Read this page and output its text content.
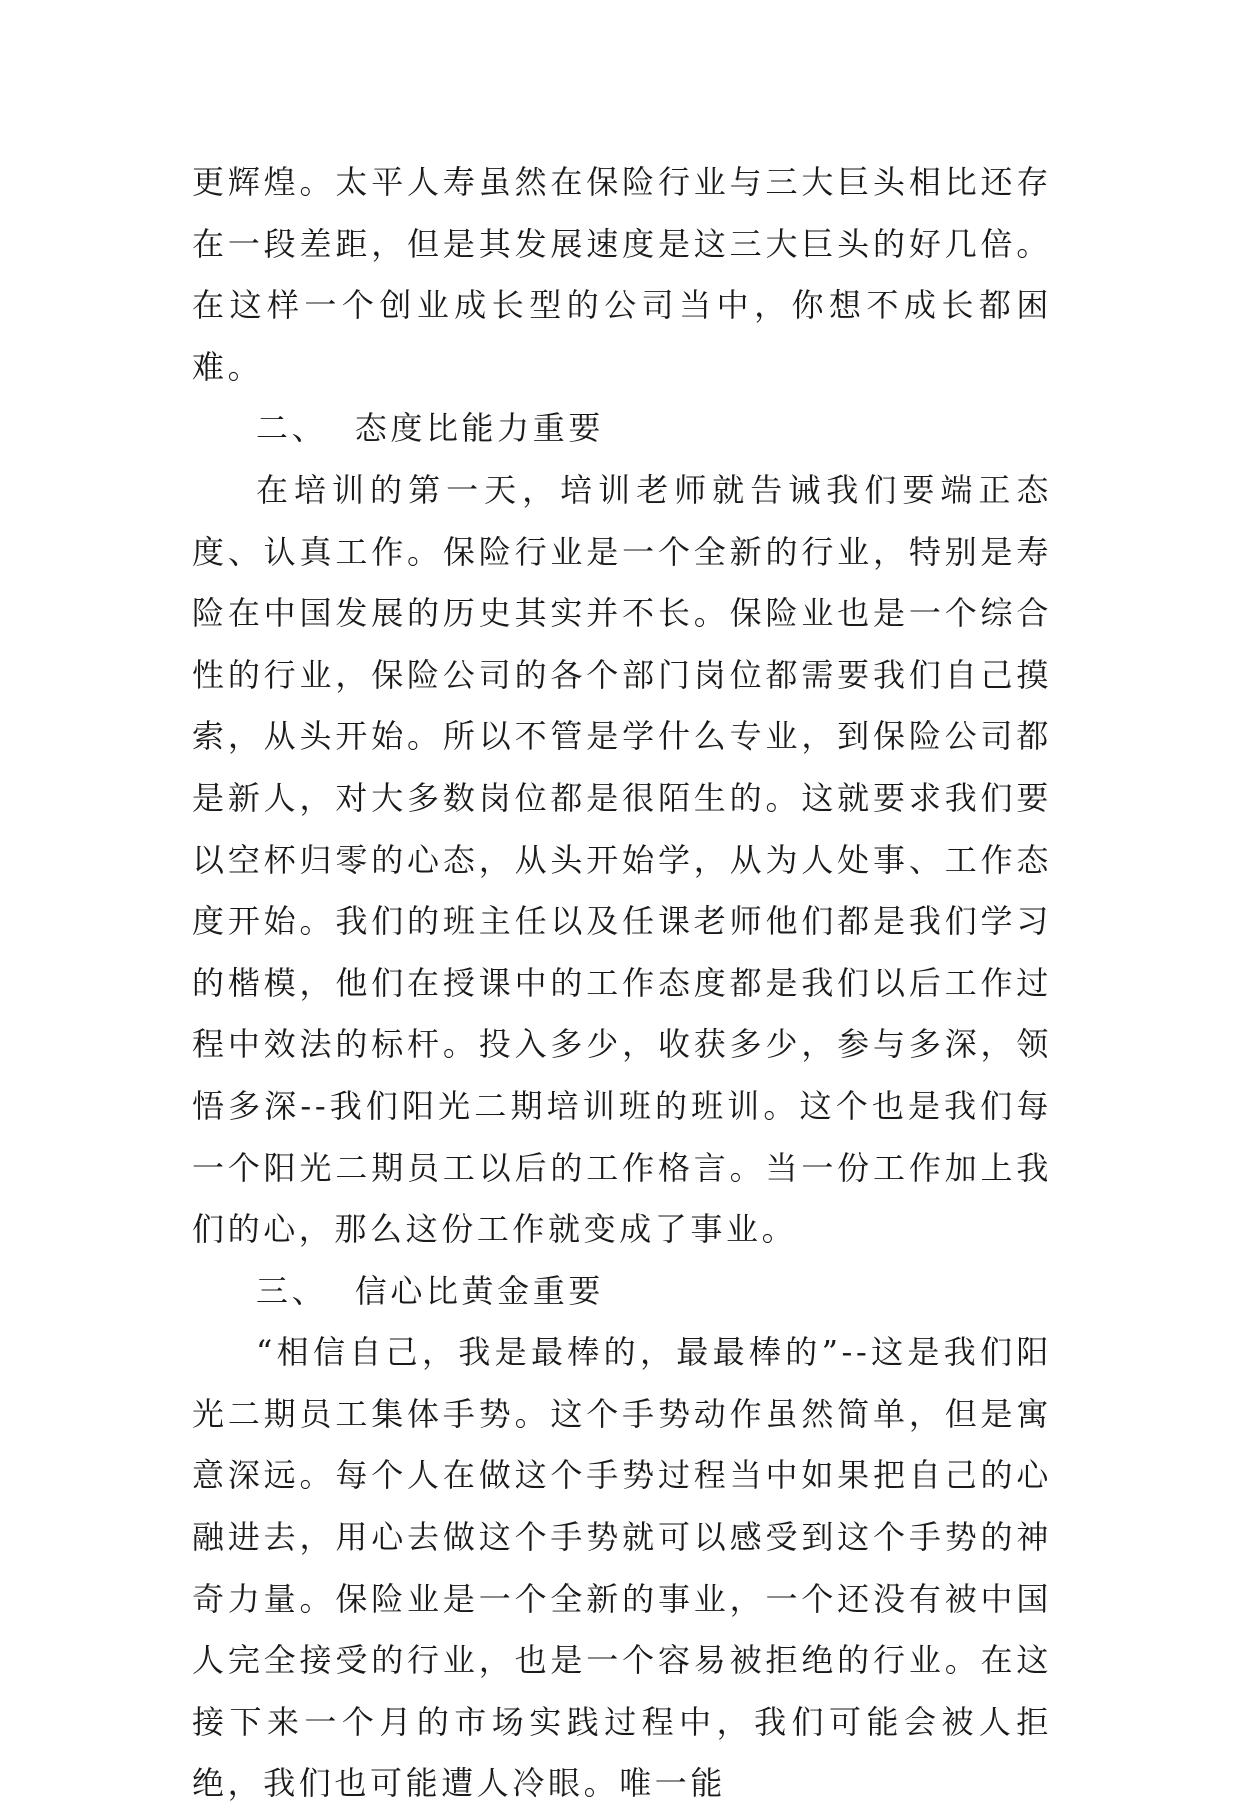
更辉煌。太平人寿虽然在保险行业与三大巨头相比还存在一段差距，但是其发展速度是这三大巨头的好几倍。在这样一个创业成长型的公司当中，你想不成长都困难。

二、  态度比能力重要

在培训的第一天，培训老师就告诫我们要端正态度、认真工作。保险行业是一个全新的行业，特别是寿险在中国发展的历史其实并不长。保险业也是一个综合性的行业，保险公司的各个部门岗位都需要我们自己摸索，从头开始。所以不管是学什么专业，到保险公司都是新人，对大多数岗位都是很陌生的。这就要求我们要以空杯归零的心态，从头开始学，从为人处事、工作态度开始。我们的班主任以及任课老师他们都是我们学习的楷模，他们在授课中的工作态度都是我们以后工作过程中效法的标杆。投入多少，收获多少，参与多深，领悟多深--我们阳光二期培训班的班训。这个也是我们每一个阳光二期员工以后的工作格言。当一份工作加上我们的心，那么这份工作就变成了事业。

三、  信心比黄金重要

“相信自己，我是最棒的，最最棒的”--这是我们阳光二期员工集体手势。这个手势动作虽然简单，但是寓意深远。每个人在做这个手势过程当中如果把自己的心融进去，用心去做这个手势就可以感受到这个手势的神奇力量。保险业是一个全新的事业，一个还没有被中国人完全接受的行业，也是一个容易被拒绝的行业。在这接下来一个月的市场实践过程中，我们可能会被人拒绝，我们也可能遭人冷眼。唯一能
